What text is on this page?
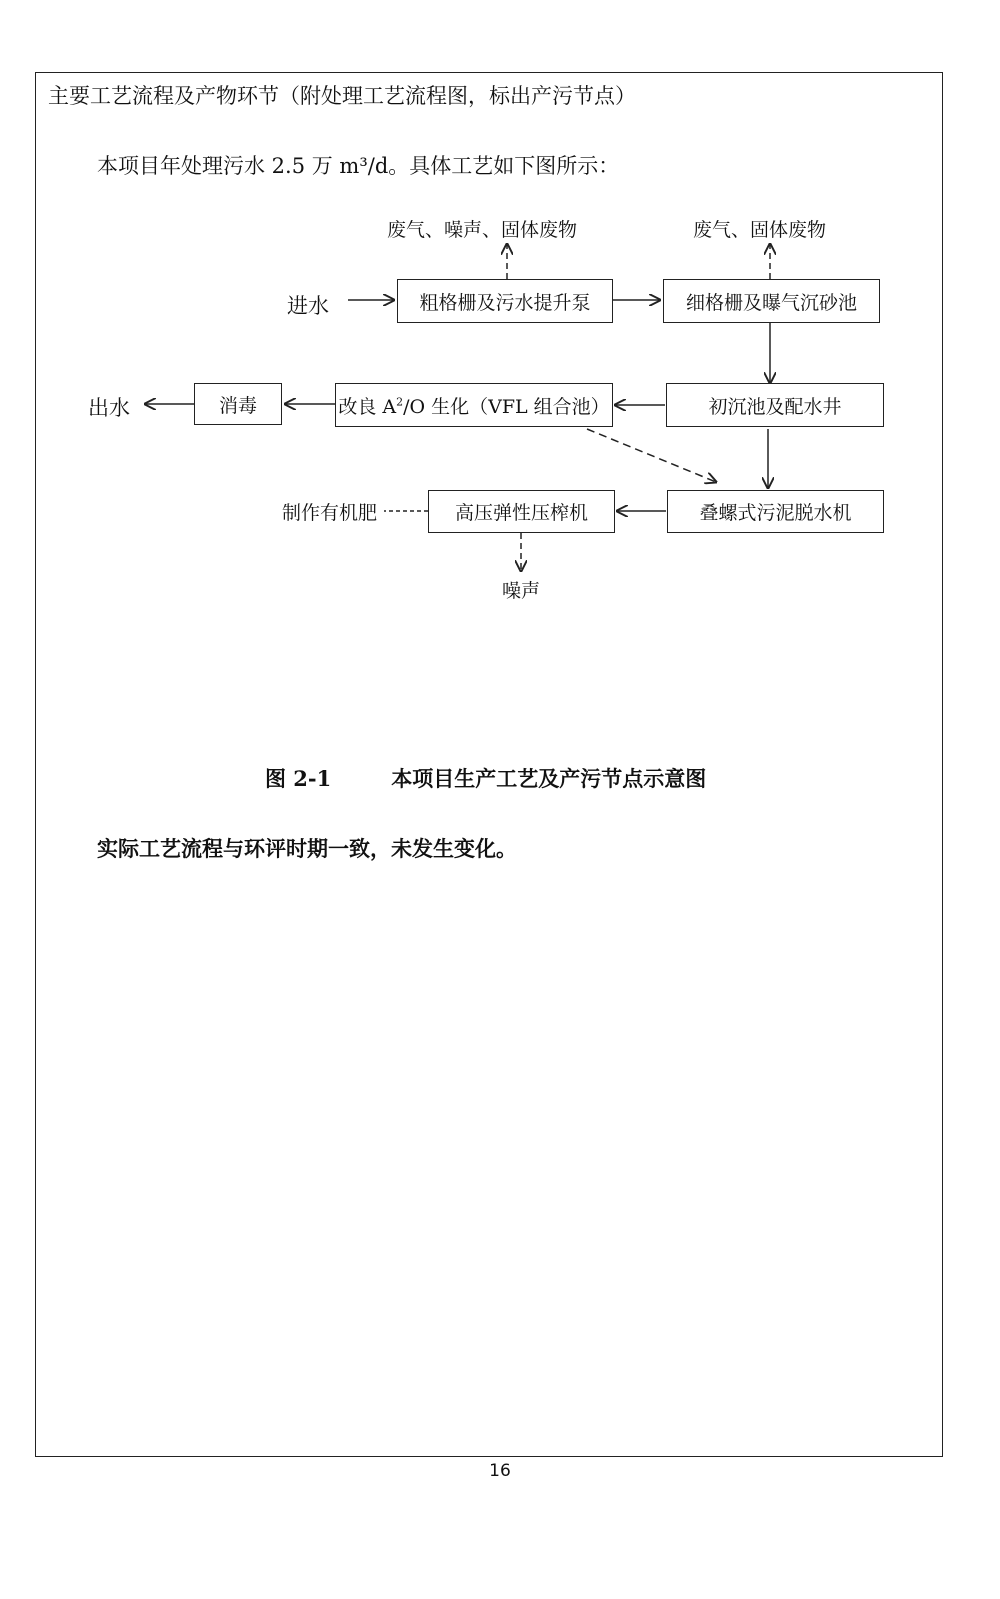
主要工艺流程及产物环节（附处理工艺流程图，标出产污节点）
本项目年处理污水 2.5 万 m³/d。具体工艺如下图所示：
废气、噪声、固体废物	废气、固体废物
进水
出水
粗格栅及污水提升泵	细格栅及曝气沉砂池
初沉池及配水井
改良 $A^2/O$ 生化（VFL 组合池）
消毒
叠螺式污泥脱水机
高压弹性压榨机
制作有机肥
噪声
图 2-1	本项目生产工艺及产污节点示意图
实际工艺流程与环评时期一致，未发生变化。
16
